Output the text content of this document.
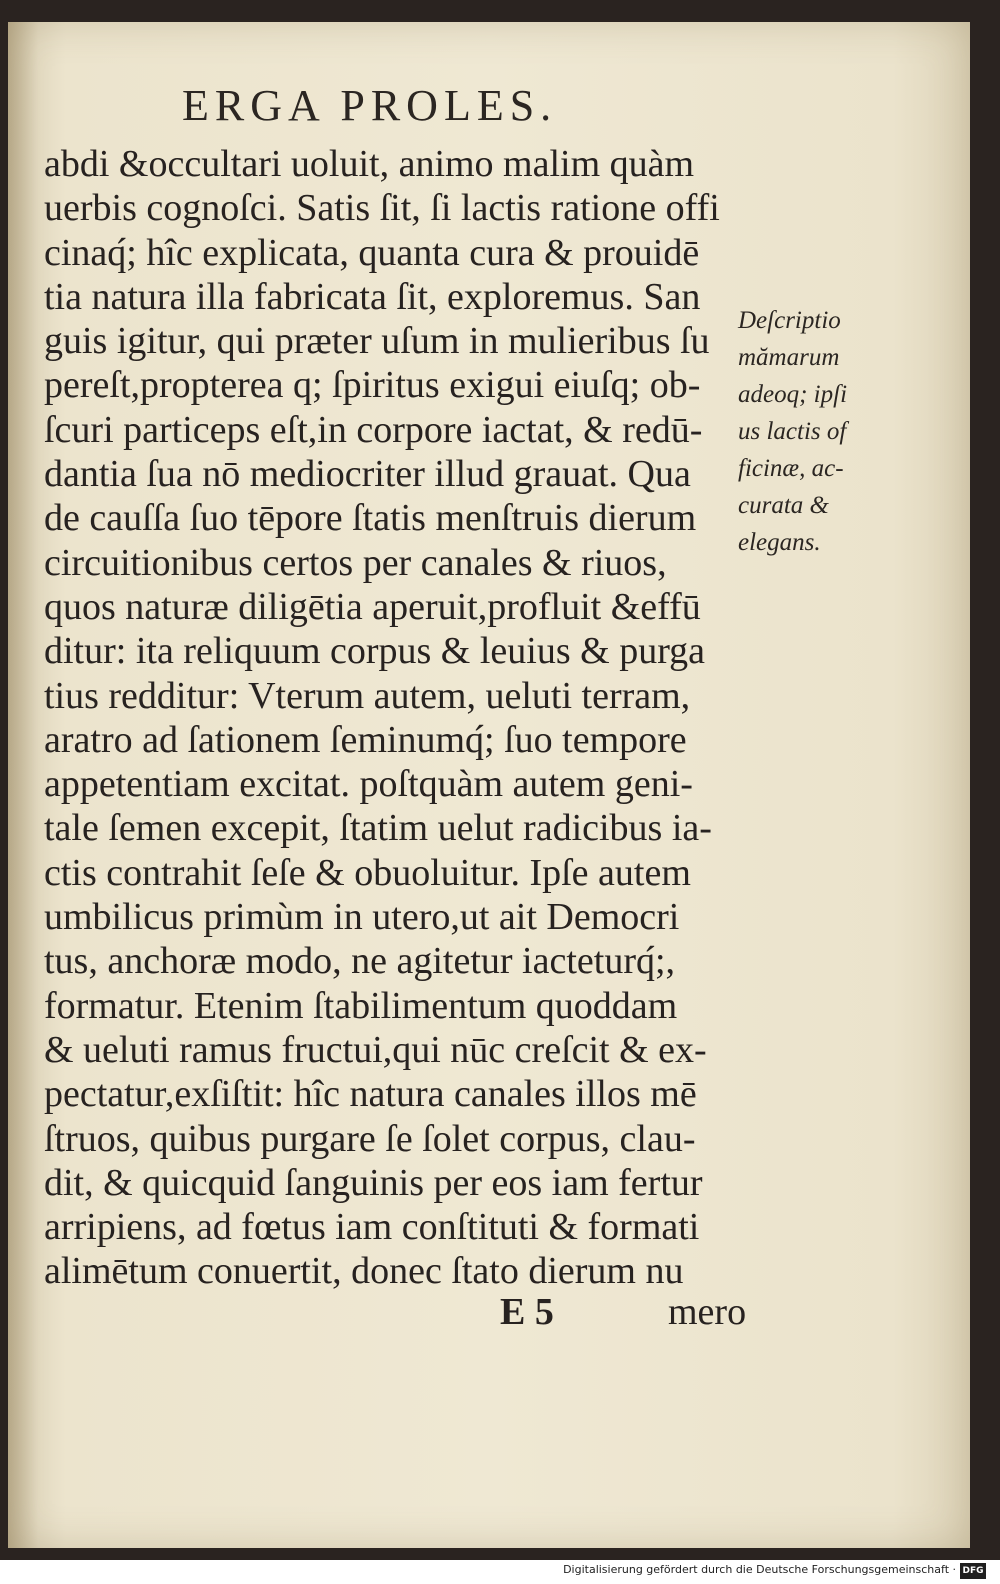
ERGA PROLES.
abdi &occultari uoluit, animo malim quàm
uerbis cognoſci. Satis ſit, ſi lactis ratione offi
cinaq́; hîc explicata, quanta cura & prouidē
tia natura illa fabricata ſit, exploremus. San
guis igitur, qui præter uſum in mulieribus ſu
pereſt,propterea q; ſpiritus exigui eiuſq; ob-
ſcuri particeps eſt,in corpore iactat, & redū-
dantia ſua nō mediocriter illud grauat. Qua
de cauſſa ſuo tēpore ſtatis menſtruis dierum
circuitionibus certos per canales & riuos,
quos naturæ diligētia aperuit,profluit &effū
ditur: ita reliquum corpus & leuius & purga
tius redditur: Vterum autem, ueluti terram,
aratro ad ſationem ſeminumq́; ſuo tempore
appetentiam excitat. poſtquàm autem geni-
tale ſemen excepit, ſtatim uelut radicibus ia-
ctis contrahit ſeſe & obuoluitur. Ipſe autem
umbilicus primùm in utero,ut ait Democri
tus, anchoræ modo, ne agitetur iacteturq́;,
formatur. Etenim ſtabilimentum quoddam
& ueluti ramus fructui,qui nūc creſcit & ex-
pectatur,exſiſtit: hîc natura canales illos mē
ſtruos, quibus purgare ſe ſolet corpus, clau-
dit, & quicquid ſanguinis per eos iam fertur
arripiens, ad fœtus iam conſtituti & formati
alimētum conuertit, donec ſtato dierum nu
Deſcriptio
mămarum
adeoq; ipſi
us lactis of
ficinæ, ac-
curata &
elegans.
E 5	mero
Digitalisierung gefördert durch die Deutsche Forschungsgemeinschaft · DFG
